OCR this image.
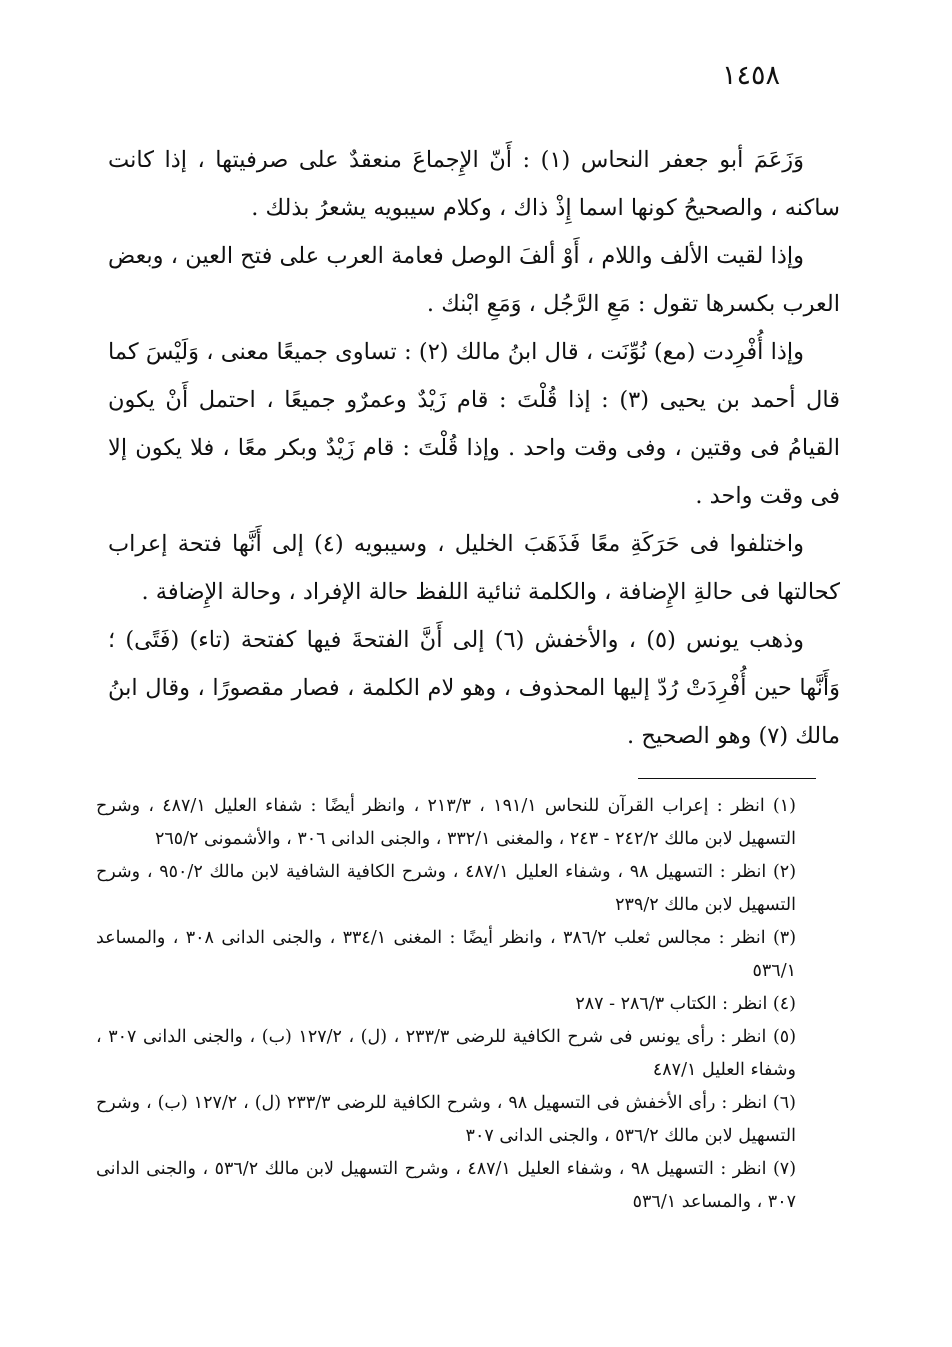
١٤٥٨

وَزَعَمَ أبو جعفر النحاس (١) : أَنّ الإِجماعَ منعقدٌ على صرفيتها ، إذا كانت ساكنه ، والصحيحُ كونها اسما إِذْ ذاك ، وكلام سيبويه يشعرُ بذلك .

وإذا لقيت الألف واللام ، أَوْ ألفَ الوصل فعامة العرب على فتح العين ، وبعض العرب بكسرها تقول : مَعِ الرَّجُل ، وَمَعِ ابْنك .

وإذا أُفْرِدت (مع) نُوِّنَت ، قال ابنُ مالك (٢) : تساوى جميعًا معنى ، وَلَيْسَ كما قال أحمد بن يحيى (٣) : إذا قُلْتَ : قام زَيْدٌ وعمرٌو جميعًا ، احتمل أَنْ يكون القيامُ فى وقتين ، وفى وقت واحد . وإذا قُلْتَ : قام زَيْدٌ وبكر معًا ، فلا يكون إلا فى وقت واحد .

واختلفوا فى حَرَكَةِ معًا فَذَهَبَ الخليل ، وسيبويه (٤) إلى أَنَّها فتحة إعراب كحالتها فى حالةِ الإِضافة ، والكلمة ثنائية اللفظ حالة الإفراد ، وحالة الإِضافة .

وذهب يونس (٥) ، والأخفش (٦) إلى أَنَّ الفتحةَ فيها كفتحة (تاء) (فَتًى) ؛ وَأَنَّها حين أُفْرِدَتْ رُدّ إليها المحذوف ، وهو لام الكلمة ، فصار مقصورًا ، وقال ابنُ مالك (٧) وهو الصحيح .

(١) انظر : إعراب القرآن للنحاس ١٩١/١ ، ٢١٣/٣ ، وانظر أيضًا : شفاء العليل ٤٨٧/١ ، وشرح التسهيل لابن مالك ٢٤٢/٢ - ٢٤٣ ، والمغنى ٣٣٢/١ ، والجنى الدانى ٣٠٦ ، والأشمونى ٢٦٥/٢

(٢) انظر : التسهيل ٩٨ ، وشفاء العليل ٤٨٧/١ ، وشرح الكافية الشافية لابن مالك ٩٥٠/٢ ، وشرح التسهيل لابن مالك ٢٣٩/٢

(٣) انظر : مجالس ثعلب ٣٨٦/٢ ، وانظر أيضًا : المغنى ٣٣٤/١ ، والجنى الدانى ٣٠٨ ، والمساعد ٥٣٦/١

(٤) انظر : الكتاب ٢٨٦/٣ - ٢٨٧

(٥) انظر : رأى يونس فى شرح الكافية للرضى ٢٣٣/٣ ، (ل) ، ١٢٧/٢ (ب) ، والجنى الدانى ٣٠٧ ، وشفاء العليل ٤٨٧/١

(٦) انظر : رأى الأخفش فى التسهيل ٩٨ ، وشرح الكافية للرضى ٢٣٣/٣ (ل) ، ١٢٧/٢ (ب) ، وشرح التسهيل لابن مالك ٥٣٦/٢ ، والجنى الدانى ٣٠٧

(٧) انظر : التسهيل ٩٨ ، وشفاء العليل ٤٨٧/١ ، وشرح التسهيل لابن مالك ٥٣٦/٢ ، والجنى الدانى ٣٠٧ ، والمساعد ٥٣٦/١
